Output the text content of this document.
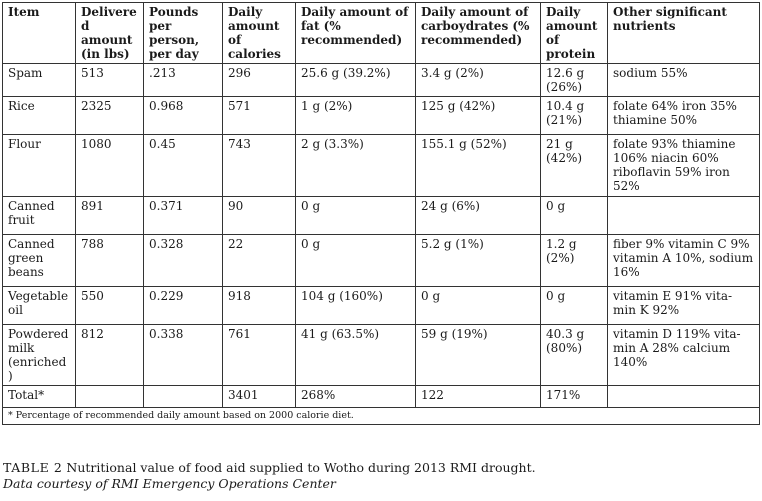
Item	Delivered amount (in lbs)	Pounds per person, per day	Daily amount of calories	Daily amount of fat (% recommended)	Daily amount of carboydrates (% recommended)	Daily amount of protein	Other significant nutrients
Spam	513	.213	296	25.6 g (39.2%)	3.4 g (2%)	12.6 g (26%)	sodium 55%
Rice	2325	0.968	571	1 g (2%)	125 g (42%)	10.4 g (21%)	folate 64% iron 35% thiamine 50%
Flour	1080	0.45	743	2 g (3.3%)	155.1 g (52%)	21 g (42%)	folate 93% thiamine 106% niacin 60% riboflavin 59% iron 52%
Canned fruit	891	0.371	90	0 g	24 g (6%)	0 g	
Canned green beans	788	0.328	22	0 g	5.2 g (1%)	1.2 g (2%)	fiber 9% vitamin C 9% vitamin A 10%, sodium 16%
Vegetable oil	550	0.229	918	104 g (160%)	0 g	0 g	vitamin E 91% vita-min K 92%
Powdered milk (enriched)	812	0.338	761	41 g (63.5%)	59 g (19%)	40.3 g (80%)	vitamin D 119% vita-min A 28% calcium 140%
Total*			3401	268%	122	171%	
* Percentage of recommended daily amount based on 2000 calorie diet.							
TABLE 2 Nutritional value of food aid supplied to Wotho during 2013 RMI drought.
Data courtesy of RMI Emergency Operations Center
